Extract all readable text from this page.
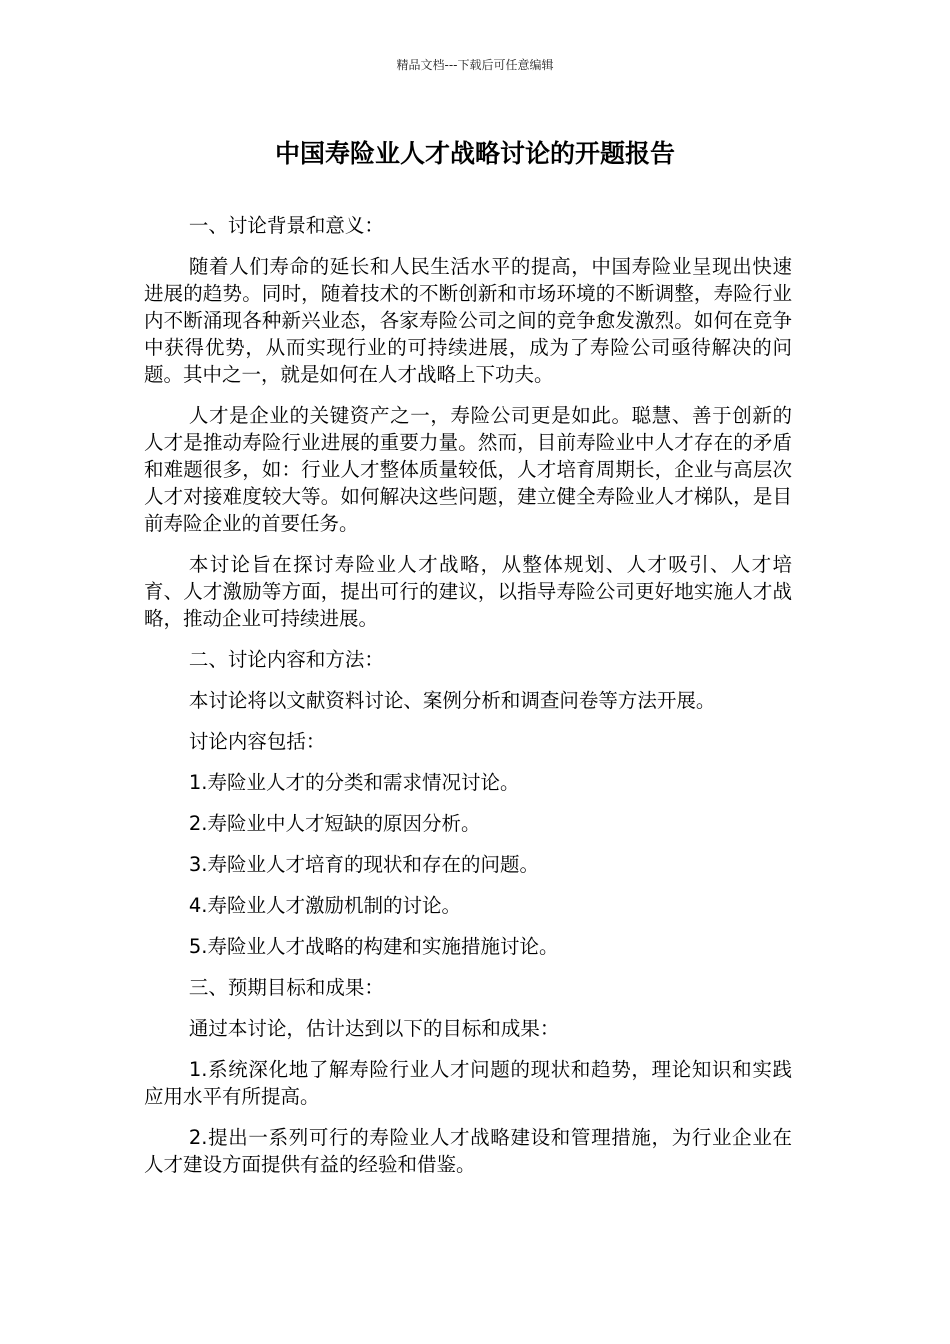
精品文档---下载后可任意编辑
中国寿险业人才战略讨论的开题报告

一、讨论背景和意义：

随着人们寿命的延长和人民生活水平的提高，中国寿险业呈现出快速进展的趋势。同时，随着技术的不断创新和市场环境的不断调整，寿险行业内不断涌现各种新兴业态，各家寿险公司之间的竞争愈发激烈。如何在竞争中获得优势，从而实现行业的可持续进展，成为了寿险公司亟待解决的问题。其中之一，就是如何在人才战略上下功夫。

人才是企业的关键资产之一，寿险公司更是如此。聪慧、善于创新的人才是推动寿险行业进展的重要力量。然而，目前寿险业中人才存在的矛盾和难题很多，如：行业人才整体质量较低，人才培育周期长，企业与高层次人才对接难度较大等。如何解决这些问题，建立健全寿险业人才梯队，是目前寿险企业的首要任务。

本讨论旨在探讨寿险业人才战略，从整体规划、人才吸引、人才培育、人才激励等方面，提出可行的建议，以指导寿险公司更好地实施人才战略，推动企业可持续进展。

二、讨论内容和方法：

本讨论将以文献资料讨论、案例分析和调查问卷等方法开展。

讨论内容包括：

1.寿险业人才的分类和需求情况讨论。

2.寿险业中人才短缺的原因分析。

3.寿险业人才培育的现状和存在的问题。

4.寿险业人才激励机制的讨论。

5.寿险业人才战略的构建和实施措施讨论。

三、预期目标和成果：

通过本讨论，估计达到以下的目标和成果：

1.系统深化地了解寿险行业人才问题的现状和趋势，理论知识和实践应用水平有所提高。

2.提出一系列可行的寿险业人才战略建设和管理措施，为行业企业在人才建设方面提供有益的经验和借鉴。
